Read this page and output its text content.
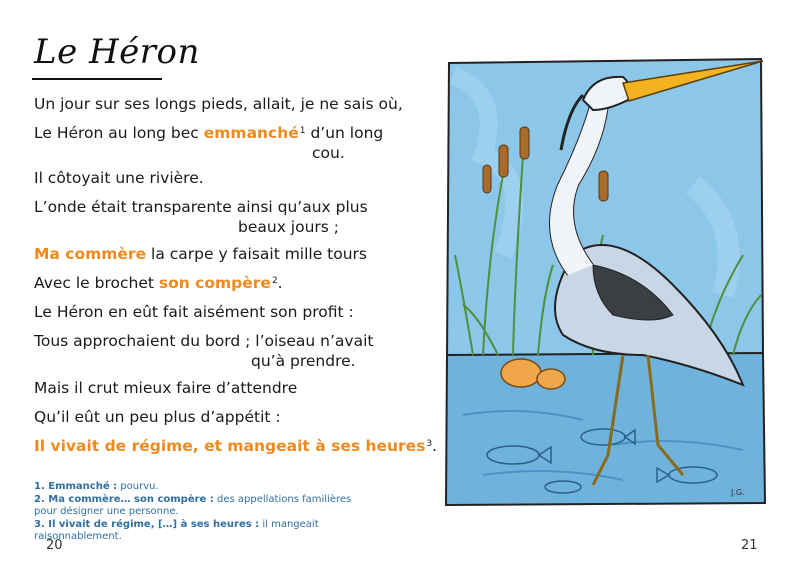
Le Héron
Un jour sur ses longs pieds, allait, je ne sais où,
Le Héron au long bec emmanché$^1$ d’un long
cou.
Il côtoyait une rivière.
L’onde était transparente ainsi qu’aux plus
beaux jours ;
Ma commère la carpe y faisait mille tours
Avec le brochet son compère$^2$.
Le Héron en eût fait aisément son profit :
Tous approchaient du bord ; l’oiseau n’avait
qu’à prendre.
Mais il crut mieux faire d’attendre
Qu’il eût un peu plus d’appétit :
Il vivait de régime, et mangeait à ses heures$^3$.
1. Emmanché : pourvu.
2. Ma commère… son compère : des appellations familières
pour désigner une personne.
3. Il vivait de régime, […] à ses heures : il mangeait raisonnablement.
20	21
J.G.
